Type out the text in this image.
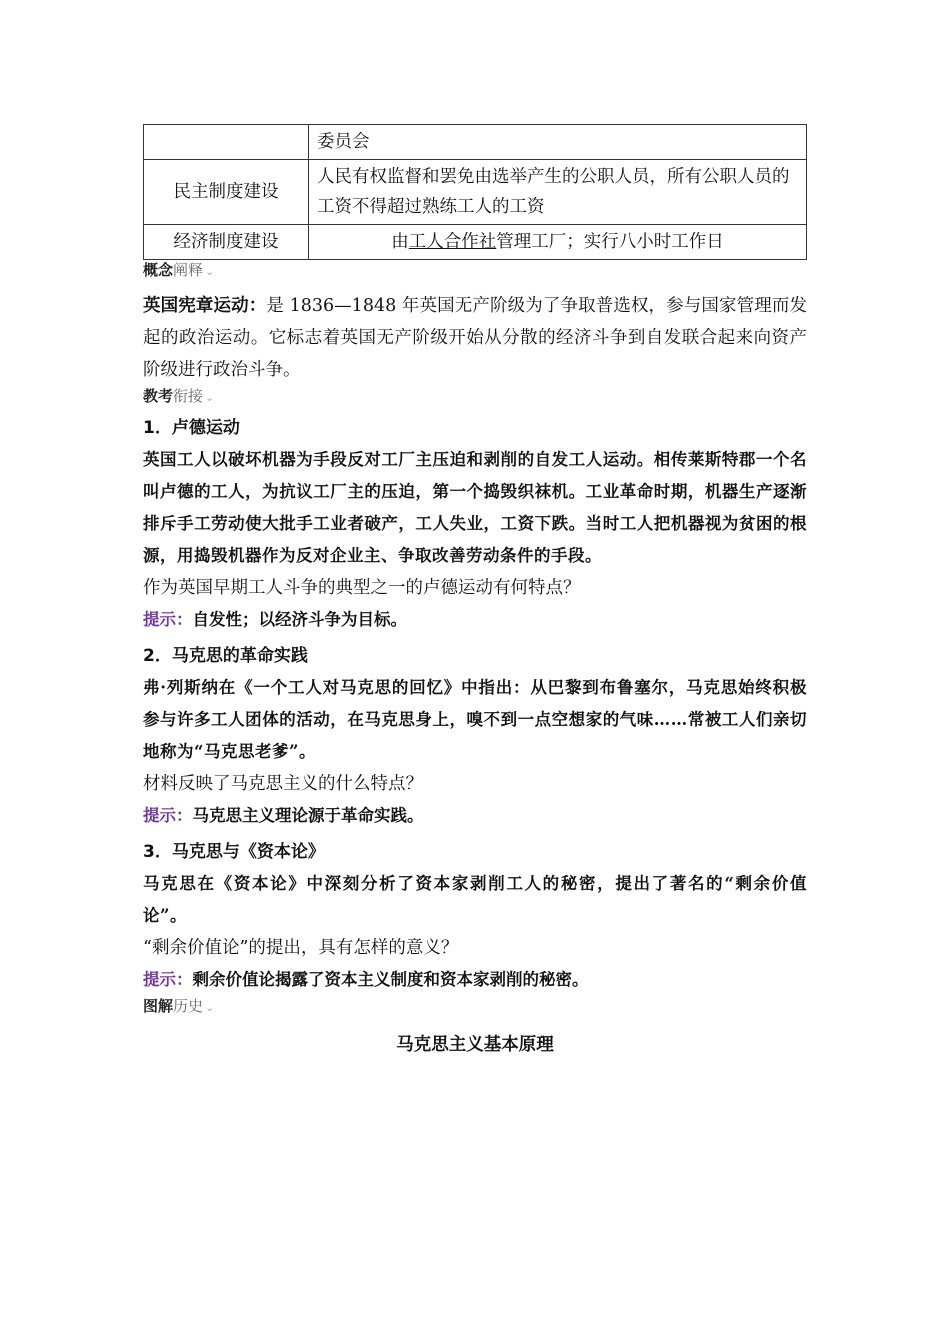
	委员会
民主制度建设	人民有权监督和罢免由选举产生的公职人员，所有公职人员的工资不得超过熟练工人的工资
经济制度建设	由工人合作社管理工厂；实行八小时工作日

概念阐释 ⌄

英国宪章运动：是 1836—1848 年英国无产阶级为了争取普选权，参与国家管理而发起的政治运动。它标志着英国无产阶级开始从分散的经济斗争到自发联合起来向资产阶级进行政治斗争。

教考衔接 ⌄

1．卢德运动

英国工人以破坏机器为手段反对工厂主压迫和剥削的自发工人运动。相传莱斯特郡一个名叫卢德的工人，为抗议工厂主的压迫，第一个捣毁织袜机。工业革命时期，机器生产逐渐排斥手工劳动使大批手工业者破产，工人失业，工资下跌。当时工人把机器视为贫困的根源，用捣毁机器作为反对企业主、争取改善劳动条件的手段。

作为英国早期工人斗争的典型之一的卢德运动有何特点？

提示：自发性；以经济斗争为目标。

2．马克思的革命实践

弗·列斯纳在《一个工人对马克思的回忆》中指出：从巴黎到布鲁塞尔，马克思始终积极参与许多工人团体的活动，在马克思身上，嗅不到一点空想家的气味……常被工人们亲切地称为“马克思老爹”。

材料反映了马克思主义的什么特点？

提示：马克思主义理论源于革命实践。

3．马克思与《资本论》

马克思在《资本论》中深刻分析了资本家剥削工人的秘密，提出了著名的“剩余价值论”。

“剩余价值论”的提出，具有怎样的意义？

提示：剩余价值论揭露了资本主义制度和资本家剥削的秘密。

图解历史 ⌄

马克思主义基本原理
